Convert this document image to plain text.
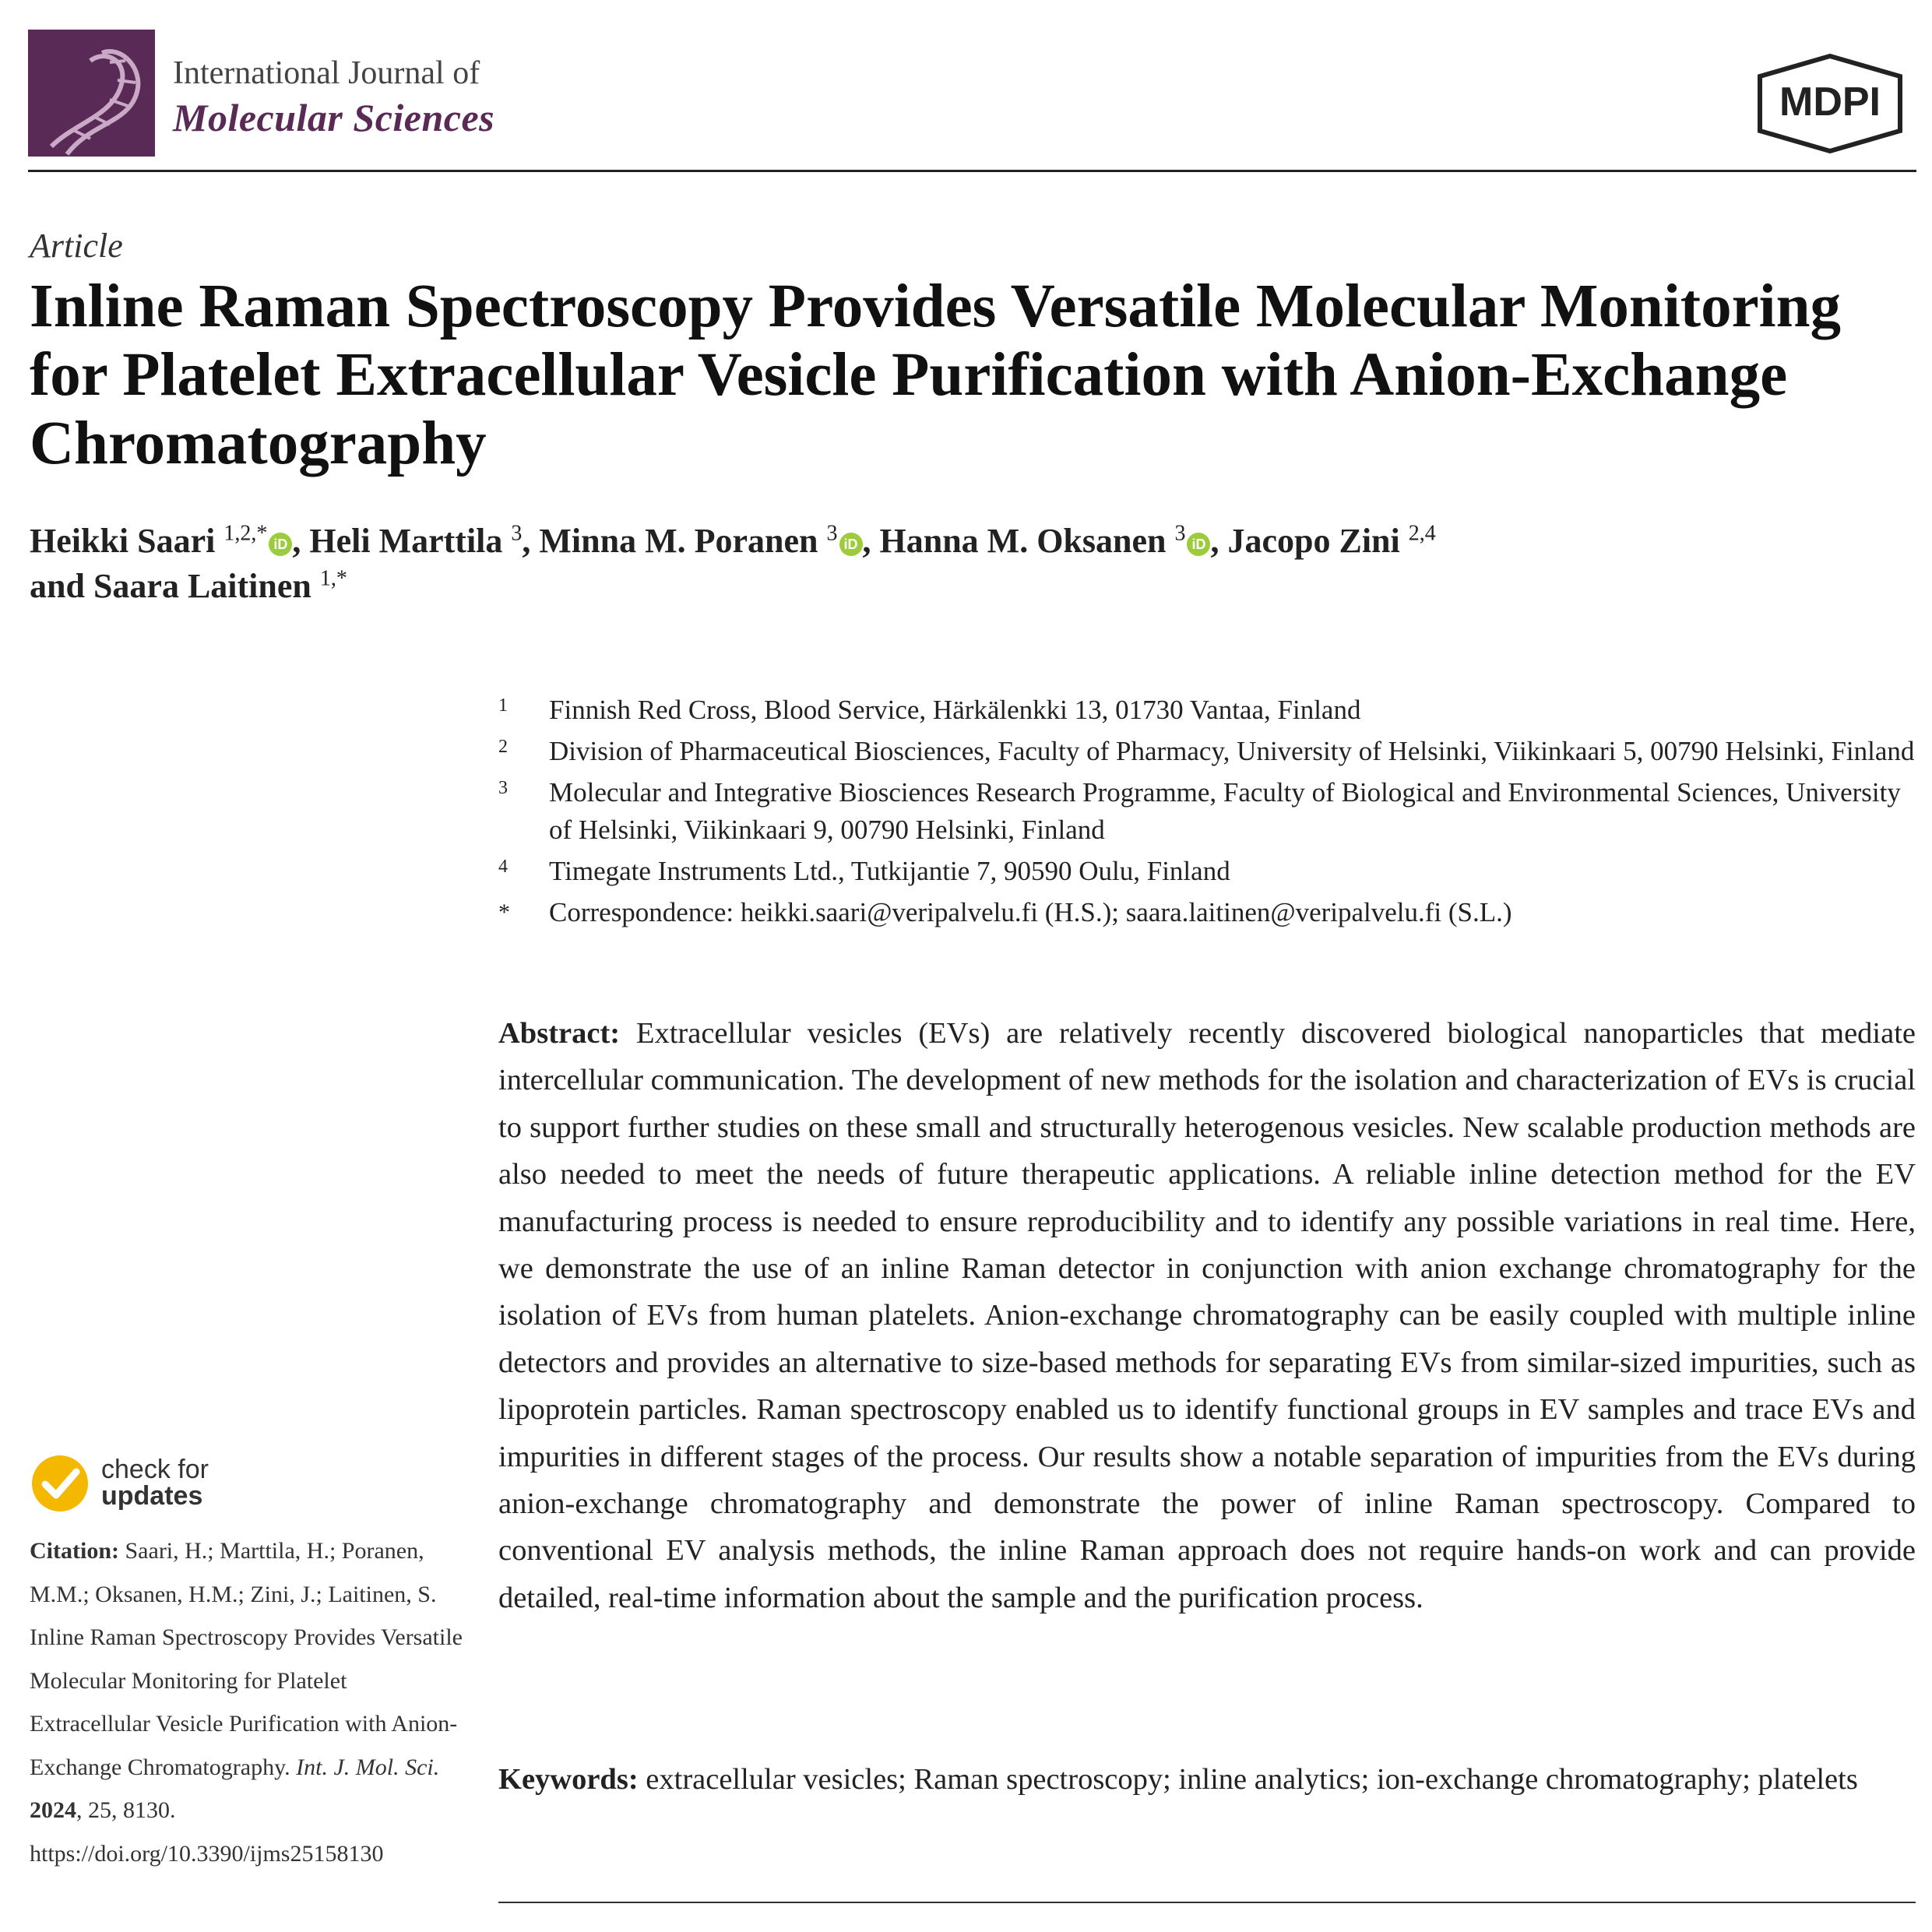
International Journal of
Molecular Sciences	MDPI
Article
Inline Raman Spectroscopy Provides Versatile Molecular Monitoring for Platelet Extracellular Vesicle Purification with Anion-Exchange Chromatography
Heikki Saari $^{1,2,*}$ iD , Heli Marttila $^3$, Minna M. Poranen $^3$ iD , Hanna M. Oksanen $^3$ iD , Jacopo Zini $^{2,4}$
and Saara Laitinen $^{1,*}$
1 Finnish Red Cross, Blood Service, Härkälenkki 13, 01730 Vantaa, Finland
2 Division of Pharmaceutical Biosciences, Faculty of Pharmacy, University of Helsinki, Viikinkaari 5, 00790 Helsinki, Finland
3 Molecular and Integrative Biosciences Research Programme, Faculty of Biological and Environmental Sciences, University of Helsinki, Viikinkaari 9, 00790 Helsinki, Finland
4 Timegate Instruments Ltd., Tutkijantie 7, 90590 Oulu, Finland
* Correspondence: heikki.saari@veripalvelu.fi (H.S.); saara.laitinen@veripalvelu.fi (S.L.)
Abstract: Extracellular vesicles (EVs) are relatively recently discovered biological nanoparticles that mediate intercellular communication. The development of new methods for the isolation and characterization of EVs is crucial to support further studies on these small and structurally heterogenous vesicles. New scalable production methods are also needed to meet the needs of future therapeutic applications. A reliable inline detection method for the EV manufacturing process is needed to ensure reproducibility and to identify any possible variations in real time. Here, we demonstrate the use of an inline Raman detector in conjunction with anion exchange chromatography for the isolation of EVs from human platelets. Anion-exchange chromatography can be easily coupled with multiple inline detectors and provides an alternative to size-based methods for separating EVs from similar-sized impurities, such as lipoprotein particles. Raman spectroscopy enabled us to identify functional groups in EV samples and trace EVs and impurities in different stages of the process. Our results show a notable separation of impurities from the EVs during anion-exchange chromatography and demonstrate the power of inline Raman spectroscopy. Compared to conventional EV analysis methods, the inline Raman approach does not require hands-on work and can provide detailed, real-time information about the sample and the purification process.
Keywords: extracellular vesicles; Raman spectroscopy; inline analytics; ion-exchange chromatography; platelets
check for
updates
Citation: Saari, H.; Marttila, H.; Poranen, M.M.; Oksanen, H.M.; Zini, J.; Laitinen, S. Inline Raman Spectroscopy Provides Versatile Molecular Monitoring for Platelet Extracellular Vesicle Purification with Anion-Exchange Chromatography. Int. J. Mol. Sci. 2024, 25, 8130. https://doi.org/10.3390/ijms25158130
